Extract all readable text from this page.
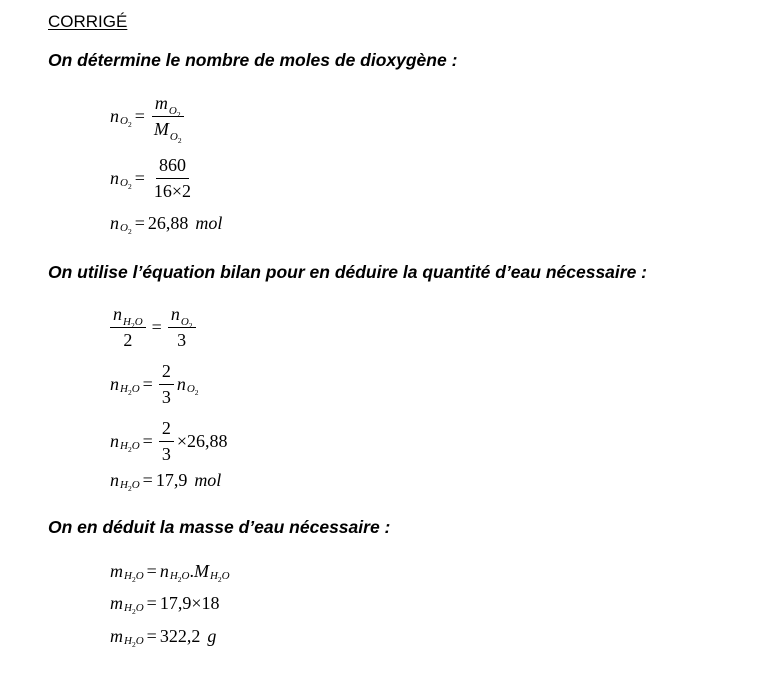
CORRIGÉ
On détermine le nombre de moles de dioxygène :
n $O_2 = \frac{m_{O_2}}{M_{O_2}}$
n $O_2 = \frac{860}{16\times 2}$
n $O_2 = 26,88$ mol
On utilise l’équation bilan pour en déduire la quantité d’eau nécessaire :
$\frac{n_{H_2O}}{2} = \frac{n_{O_2}}{3}$
n $H_2O = \frac{2}{3}$ n $O_2$
n $H_2O = \frac{2}{3} \times 26,88$
n $H_2O = 17,9$ mol
On en déduit la masse d’eau nécessaire :
m $H_2O = n$ $H_2O$ . M $H_2O$
m $H_2O = 17,9\times 18$
m $H_2O = 322,2$ g
